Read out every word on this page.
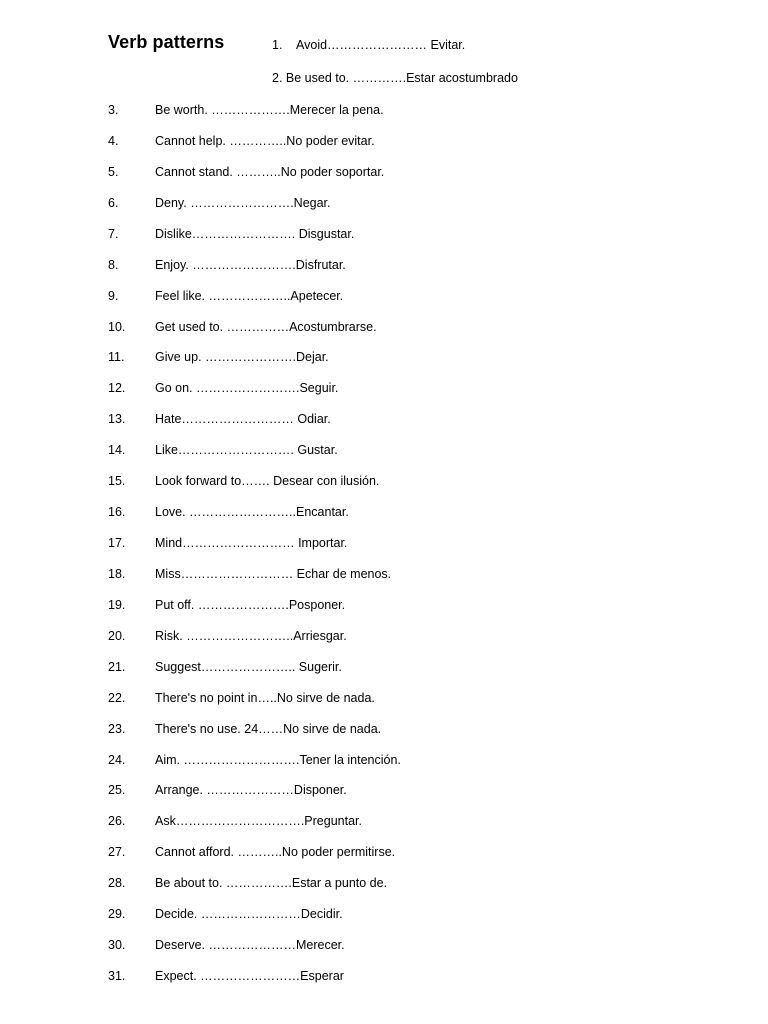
Verb patterns	1. Avoid…………………… Evitar.
2. Be used to. ………….Estar acostumbrado
3.	Be worth. ……………….Merecer la pena.
4.	Cannot help. …………..No poder evitar.
5.	Cannot stand. ………..No poder soportar.
6.	Deny. …………………….Negar.
7.	Dislike……………………. Disgustar.
8.	Enjoy. …………………….Disfrutar.
9.	Feel like. ………………..Apetecer.
10. Get used to. ……………Acostumbrarse.
11. Give up. ………………….Dejar.
12. Go on. …………………….Seguir.
13. Hate……………………… Odiar.
14. Like………………………. Gustar.
15. Look forward to……. Desear con ilusión.
16. Love. ……………………..Encantar.
17. Mind……………………… Importar.
18. Miss……………………… Echar de menos.
19. Put off. ………………….Posponer.
20. Risk. ……………………..Arriesgar.
21. Suggest………………….. Sugerir.
22. There's no point in…..No sirve de nada.
23. There's no use. 24……No sirve de nada.
24. Aim. ……………………….Tener la intención.
25. Arrange. …………………Disponer.
26. Ask………………………….Preguntar.
27. Cannot afford. ………..No poder permitirse.
28. Be about to. …………….Estar a punto de.
29. Decide. ……………………Decidir.
30. Deserve. …………………Merecer.
31. Expect. ……………………Esperar
